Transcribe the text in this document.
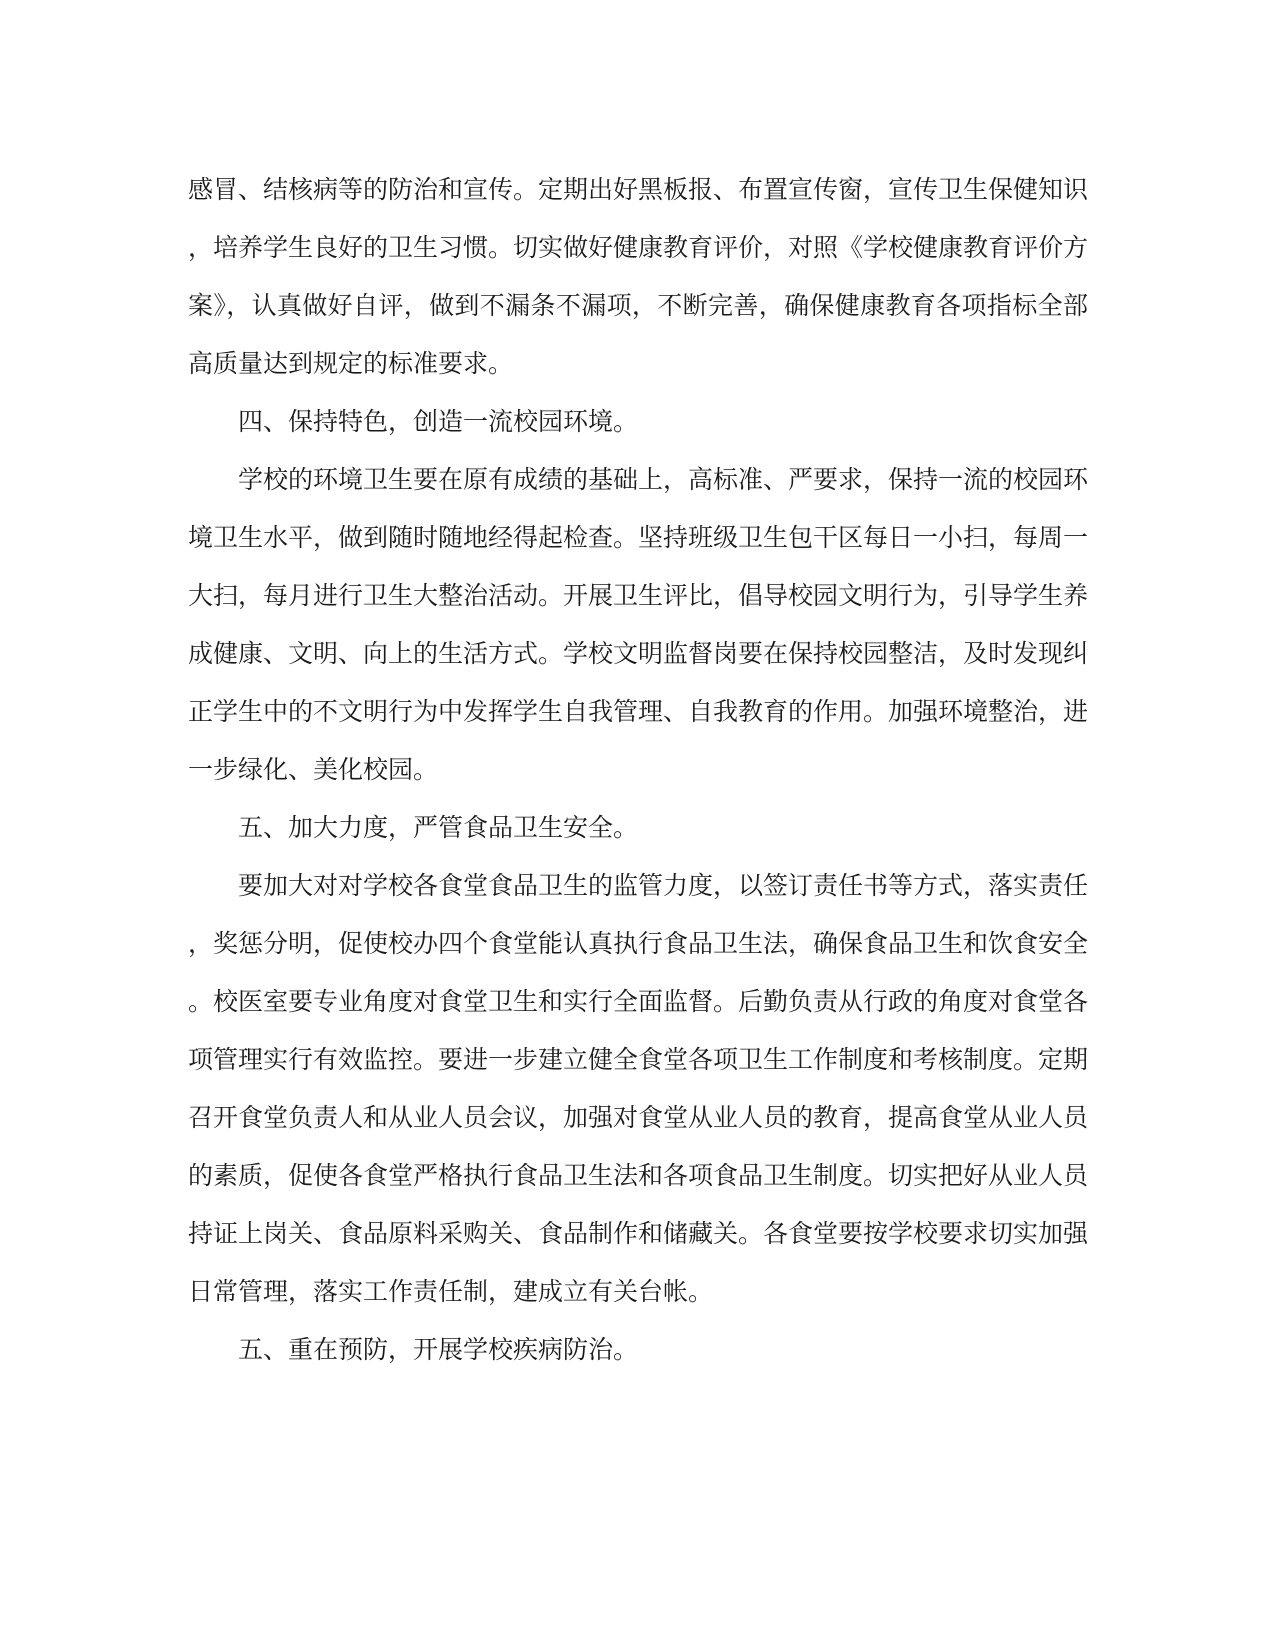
感冒、结核病等的防治和宣传。定期出好黑板报、布置宣传窗，宣传卫生保健知识
，培养学生良好的卫生习惯。切实做好健康教育评价，对照《学校健康教育评价方
案》，认真做好自评，做到不漏条不漏项，不断完善，确保健康教育各项指标全部
高质量达到规定的标准要求。
四、保持特色，创造一流校园环境。
学校的环境卫生要在原有成绩的基础上，高标准、严要求，保持一流的校园环
境卫生水平，做到随时随地经得起检查。坚持班级卫生包干区每日一小扫，每周一
大扫，每月进行卫生大整治活动。开展卫生评比，倡导校园文明行为，引导学生养
成健康、文明、向上的生活方式。学校文明监督岗要在保持校园整洁，及时发现纠
正学生中的不文明行为中发挥学生自我管理、自我教育的作用。加强环境整治，进
一步绿化、美化校园。
五、加大力度，严管食品卫生安全。
要加大对对学校各食堂食品卫生的监管力度，以签订责任书等方式，落实责任
，奖惩分明，促使校办四个食堂能认真执行食品卫生法，确保食品卫生和饮食安全
。校医室要专业角度对食堂卫生和实行全面监督。后勤负责从行政的角度对食堂各
项管理实行有效监控。要进一步建立健全食堂各项卫生工作制度和考核制度。定期
召开食堂负责人和从业人员会议，加强对食堂从业人员的教育，提高食堂从业人员
的素质，促使各食堂严格执行食品卫生法和各项食品卫生制度。切实把好从业人员
持证上岗关、食品原料采购关、食品制作和储藏关。各食堂要按学校要求切实加强
日常管理，落实工作责任制，建成立有关台帐。
五、重在预防，开展学校疾病防治。
